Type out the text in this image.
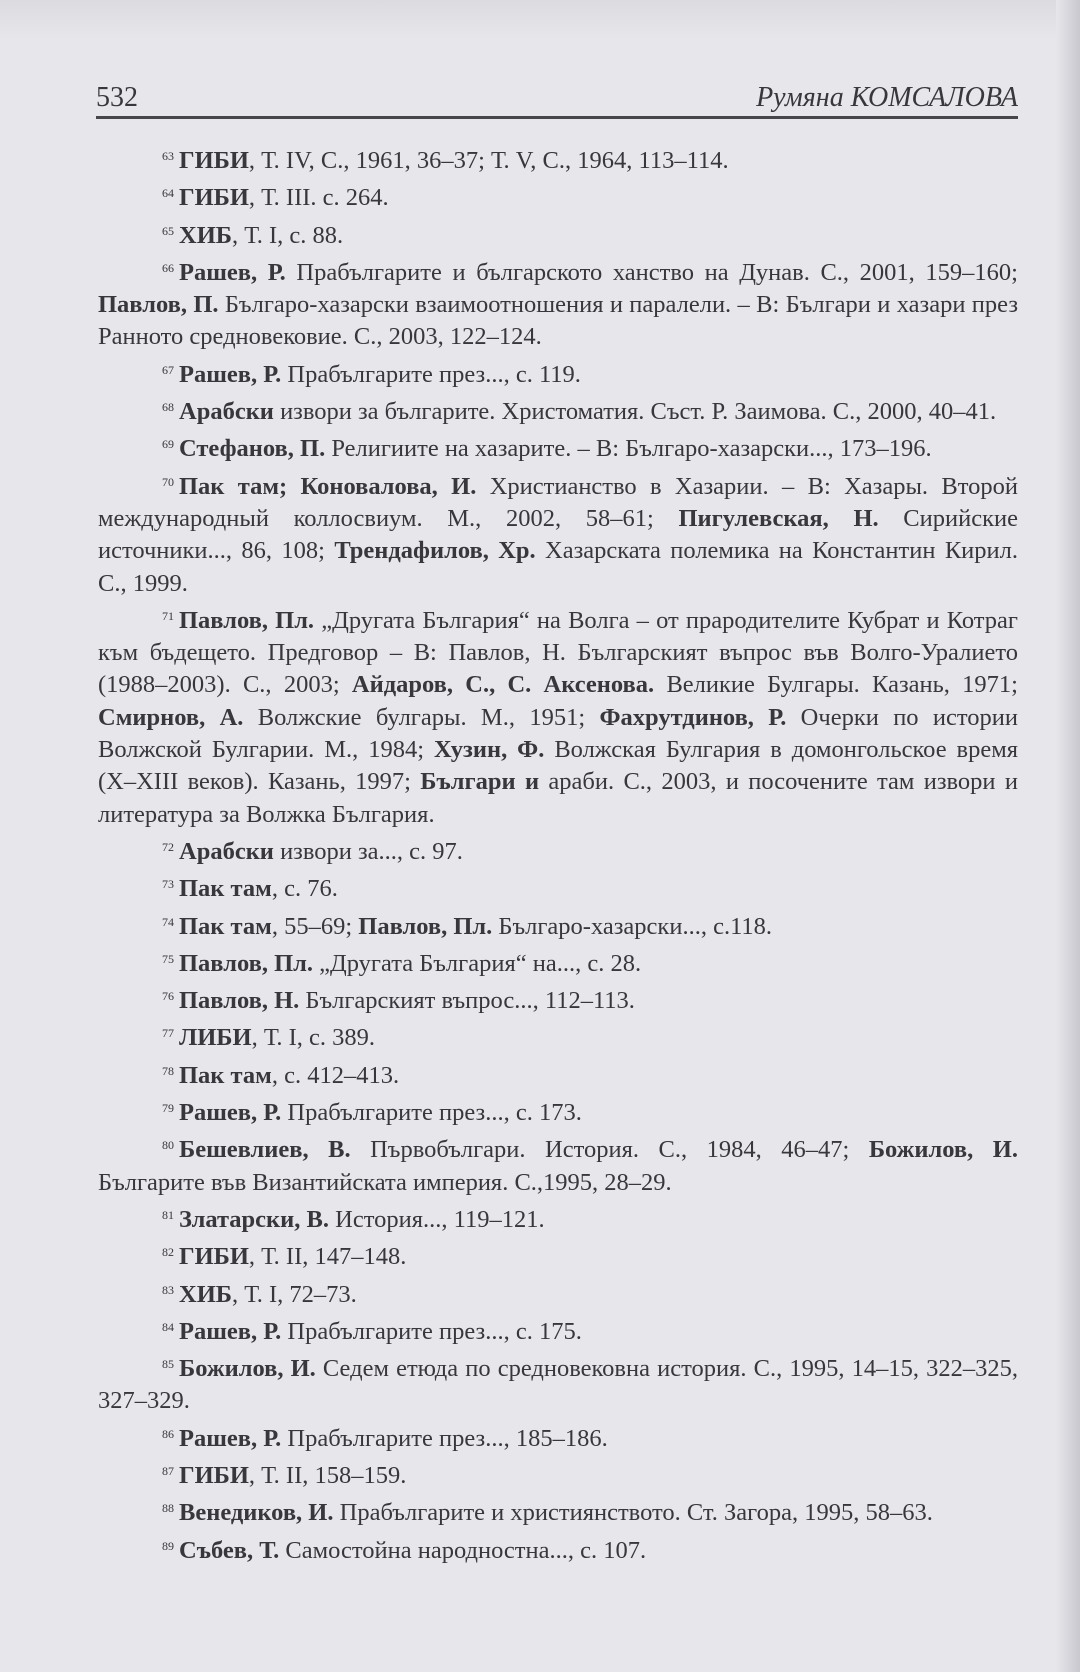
532	Румяна КОМСАЛОВА

$^{63}$ ГИБИ, Т. IV, С., 1961, 36–37; Т. V, С., 1964, 113–114.

$^{64}$ ГИБИ, Т. III. с. 264.

$^{65}$ ХИБ, Т. I, с. 88.

$^{66}$ Рашев, Р. Прабългарите и българското ханство на Дунав. С., 2001, 159–160; Павлов, П. Българо-хазарски взаимоотношения и паралели. – В: Българи и хазари през Ранното средновековие. С., 2003, 122–124.

$^{67}$ Рашев, Р. Прабългарите през..., с. 119.

$^{68}$ Арабски извори за българите. Христоматия. Съст. Р. Заимова. С., 2000, 40–41.

$^{69}$ Стефанов, П. Религиите на хазарите. – В: Българо-хазарски..., 173–196.

$^{70}$ Пак там; Коновалова, И. Христианство в Хазарии. – В: Хазары. Второй международный коллосвиум. М., 2002, 58–61; Пигулевская, Н. Сирийские источники..., 86, 108; Трендафилов, Хр. Хазарската полемика на Константин Кирил. С., 1999.

$^{71}$ Павлов, Пл. „Другата България“ на Волга – от прародителите Кубрат и Котраг към бъдещето. Предговор – В: Павлов, Н. Българският въпрос във Волго-Уралието (1988–2003). С., 2003; Айдаров, С., С. Аксенова. Великие Булгары. Казань, 1971; Смирнов, А. Волжские булгары. М., 1951; Фахрутдинов, Р. Очерки по истории Волжской Булгарии. М., 1984; Хузин, Ф. Волжская Булгария в домонгольское время (X–XIII веков). Казань, 1997; Българи и араби. С., 2003, и посочените там извори и литература за Волжка България.

$^{72}$ Арабски извори за..., с. 97.

$^{73}$ Пак там, с. 76.

$^{74}$ Пак там, 55–69; Павлов, Пл. Българо-хазарски..., с.118.

$^{75}$ Павлов, Пл. „Другата България“ на..., с. 28.

$^{76}$ Павлов, Н. Българският въпрос..., 112–113.

$^{77}$ ЛИБИ, Т. I, с. 389.

$^{78}$ Пак там, с. 412–413.

$^{79}$ Рашев, Р. Прабългарите през..., с. 173.

$^{80}$ Бешевлиев, В. Първобългари. История. С., 1984, 46–47; Божилов, И. Българите във Византийската империя. С.,1995, 28–29.

$^{81}$ Златарски, В. История..., 119–121.

$^{82}$ ГИБИ, Т. II, 147–148.

$^{83}$ ХИБ, Т. I, 72–73.

$^{84}$ Рашев, Р. Прабългарите през..., с. 175.

$^{85}$ Божилов, И. Седем етюда по средновековна история. С., 1995, 14–15, 322–325, 327–329.

$^{86}$ Рашев, Р. Прабългарите през..., 185–186.

$^{87}$ ГИБИ, Т. II, 158–159.

$^{88}$ Венедиков, И. Прабългарите и християнството. Ст. Загора, 1995, 58–63.

$^{89}$ Събев, Т. Самостойна народностна..., с. 107.
